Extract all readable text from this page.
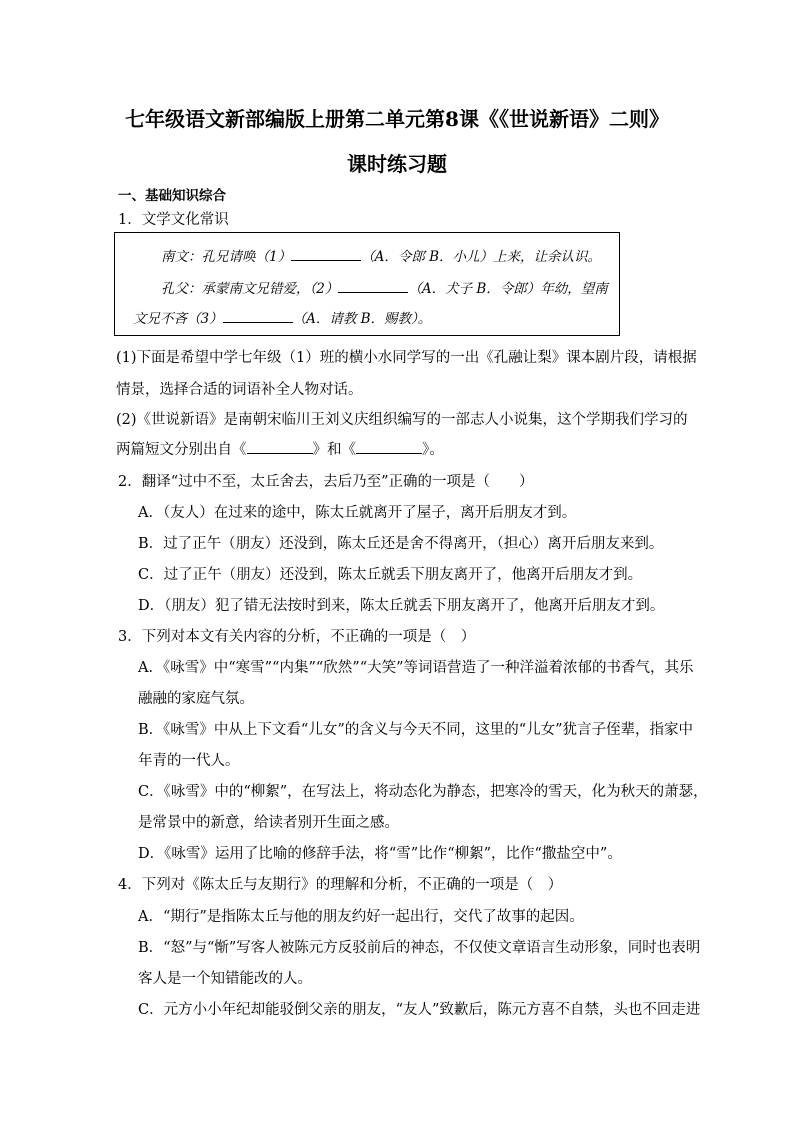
七年级语文新部编版上册第二单元第8课《《世说新语》二则》
课时练习题
一、基础知识综合
1．文学文化常识
南文：孔兄请唤（1）	（A．令郎 B．小儿）上来，让余认识。
孔父：承蒙南文兄错爱，（2）	（A．犬子 B．令郎）年幼，望南
文兄不吝（3）	（A．请教 B．赐教）。
(1)下面是希望中学七年级（1）班的横小水同学写的一出《孔融让梨》课本剧片段，请根据
情景，选择合适的词语补全人物对话。
(2)《世说新语》是南朝宋临川王刘义庆组织编写的一部志人小说集，这个学期我们学习的
两篇短文分别出自《	》和《	》。
2．翻译“过中不至，太丘舍去，去后乃至”正确的一项是（　　）
A．（友人）在过来的途中，陈太丘就离开了屋子，离开后朋友才到。
B．过了正午（朋友）还没到，陈太丘还是舍不得离开，（担心）离开后朋友来到。
C．过了正午（朋友）还没到，陈太丘就丢下朋友离开了，他离开后朋友才到。
D．（朋友）犯了错无法按时到来，陈太丘就丢下朋友离开了，他离开后朋友才到。
3．下列对本文有关内容的分析，不正确的一项是（　）
A．《咏雪》中“寒雪”“内集”“欣然”“大笑”等词语营造了一种洋溢着浓郁的书香气，其乐
融融的家庭气氛。
B．《咏雪》中从上下文看“儿女”的含义与今天不同，这里的“儿女”犹言子侄辈，指家中
年青的一代人。
C．《咏雪》中的“柳絮”，在写法上，将动态化为静态，把寒冷的雪天，化为秋天的萧瑟，
是常景中的新意，给读者别开生面之感。
D．《咏雪》运用了比喻的修辞手法，将“雪”比作“柳絮”，比作“撒盐空中”。
4．下列对《陈太丘与友期行》的理解和分析，不正确的一项是（　）
A．“期行”是指陈太丘与他的朋友约好一起出行，交代了故事的起因。
B．“怒”与“惭”写客人被陈元方反驳前后的神态，不仅使文章语言生动形象，同时也表明
客人是一个知错能改的人。
C．元方小小年纪却能驳倒父亲的朋友，“友人”致歉后，陈元方喜不自禁，头也不回走进
